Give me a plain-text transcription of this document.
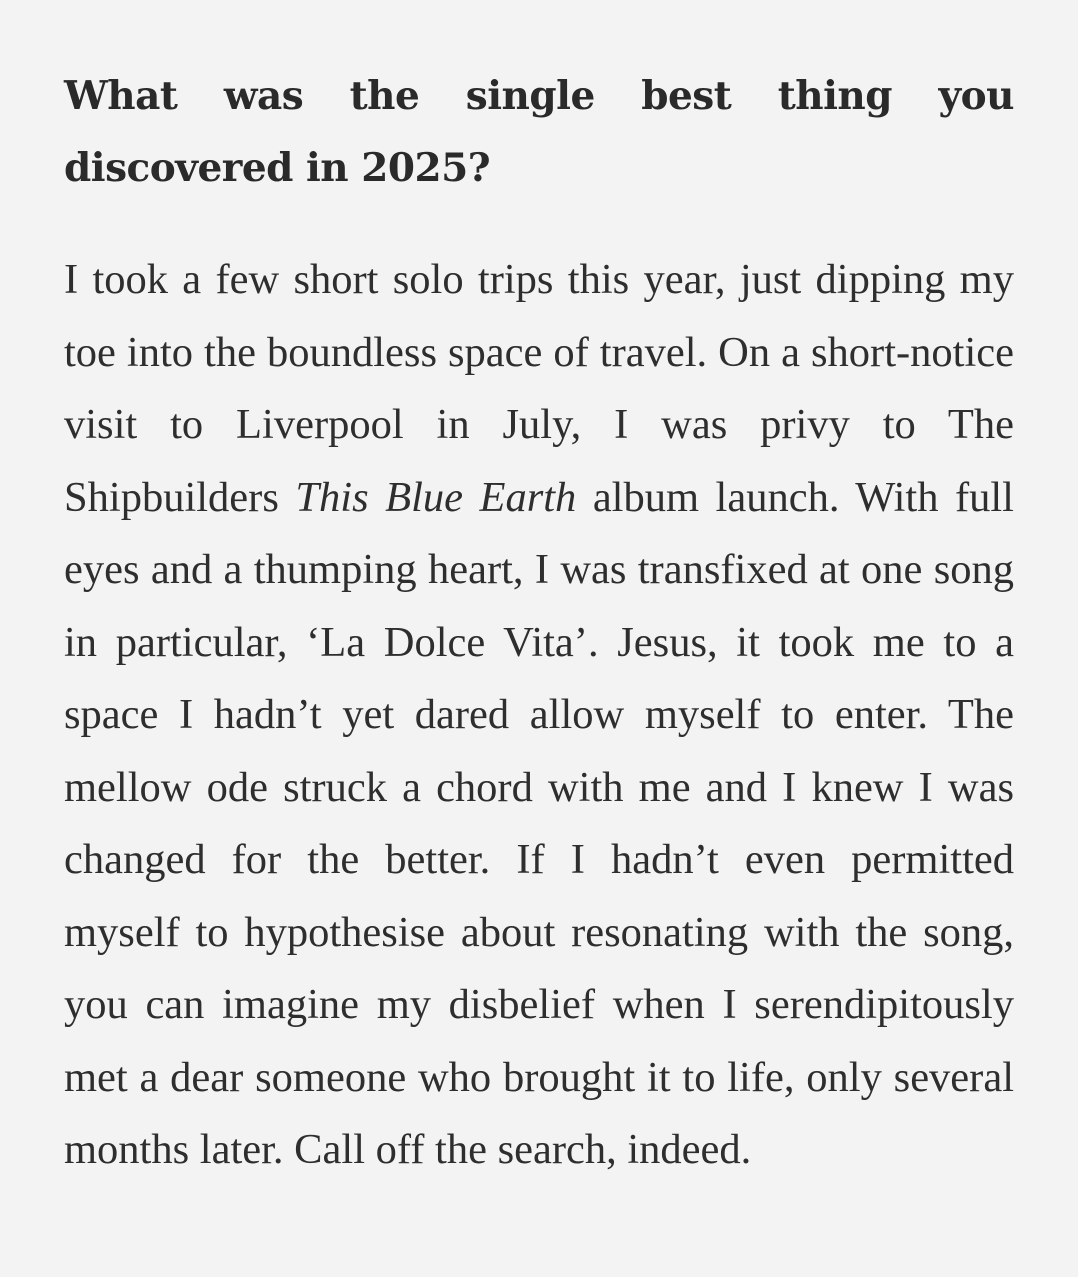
What was the single best thing you discovered in 2025?

I took a few short solo trips this year, just dipping my toe into the boundless space of travel. On a short-notice visit to Liverpool in July, I was privy to The Shipbuilders This Blue Earth album launch. With full eyes and a thumping heart, I was transfixed at one song in particular, ‘La Dolce Vita’. Jesus, it took me to a space I hadn’t yet dared allow myself to enter. The mellow ode struck a chord with me and I knew I was changed for the better. If I hadn’t even permitted myself to hypothesise about resonating with the song, you can imagine my disbelief when I serendipitously met a dear someone who brought it to life, only several months later. Call off the search, indeed.
